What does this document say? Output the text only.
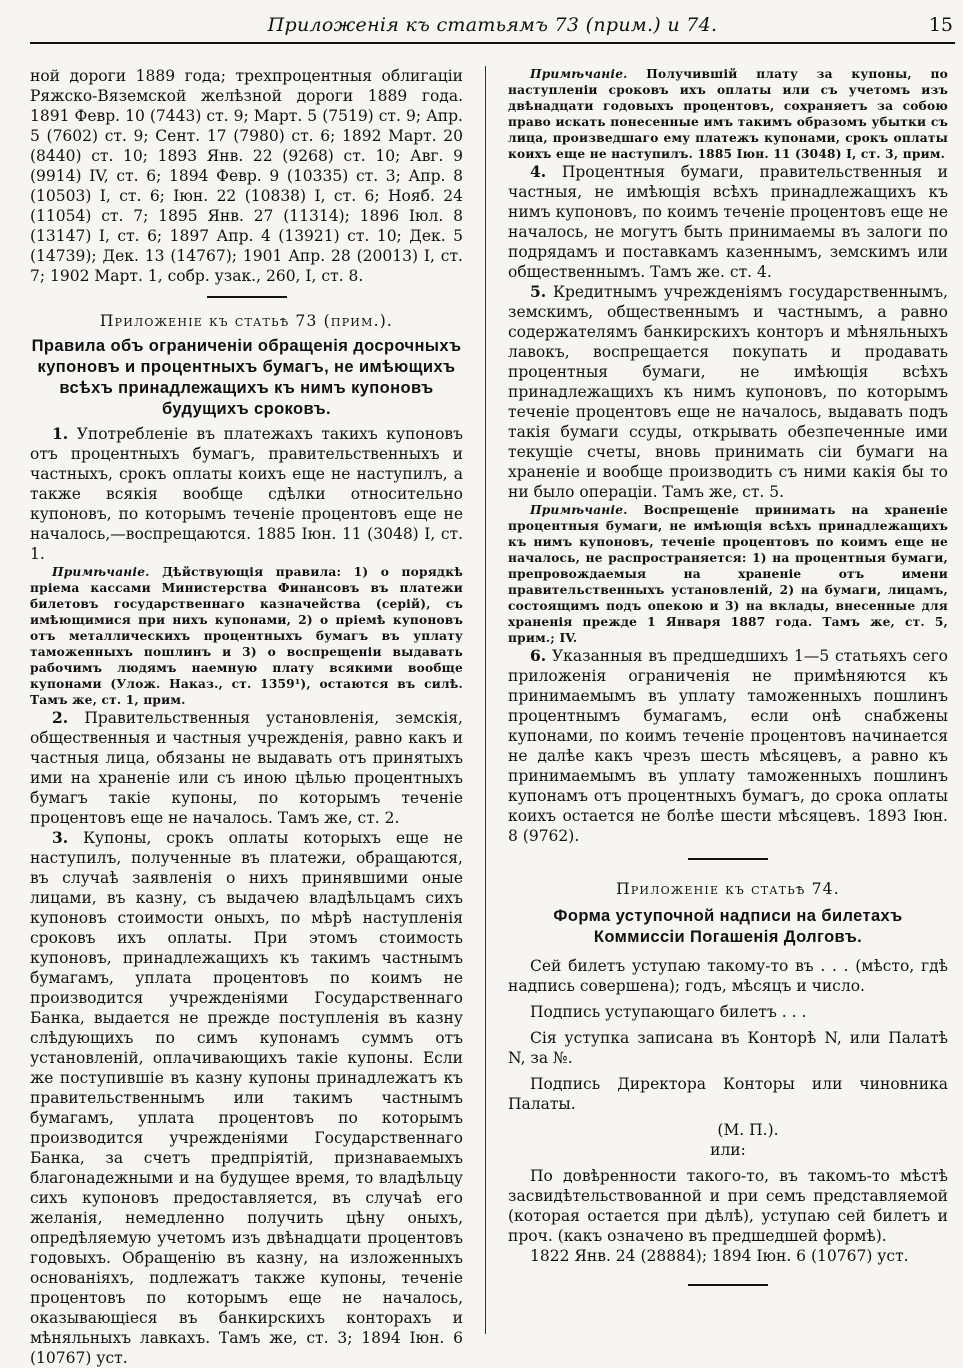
Приложенія къ статьямъ 73 (прим.) и 74.	15

ной дороги 1889 года; трехпроцентныя облигаціи Ряжско-Вяземской желѣзной дороги 1889 года. 1891 Февр. 10 (7443) ст. 9; Март. 5 (7519) ст. 9; Апр. 5 (7602) ст. 9; Сент. 17 (7980) ст. 6; 1892 Март. 20 (8440) ст. 10; 1893 Янв. 22 (9268) ст. 10; Авг. 9 (9914) IV, ст. 6; 1894 Февр. 9 (10335) ст. 3; Апр. 8 (10503) I, ст. 6; Іюн. 22 (10838) I, ст. 6; Нояб. 24 (11054) ст. 7; 1895 Янв. 27 (11314); 1896 Іюл. 8 (13147) I, ст. 6; 1897 Апр. 4 (13921) ст. 10; Дек. 5 (14739); Дек. 13 (14767); 1901 Апр. 28 (20013) I, ст. 7; 1902 Март. 1, собр. узак., 260, I, ст. 8.

Приложеніе къ статьѣ 73 (прим.).

Правила объ ограниченіи обращенія досрочныхъ купоновъ и процентныхъ бумагъ, не имѣющихъ всѣхъ принадлежащихъ къ нимъ купоновъ будущихъ сроковъ.

1. Употребленіе въ платежахъ такихъ купоновъ отъ процентныхъ бумагъ, правительственныхъ и частныхъ, срокъ оплаты коихъ еще не наступилъ, а также всякія вообще сдѣлки относительно купоновъ, по которымъ теченіе процентовъ еще не началось,—воспрещаются. 1885 Іюн. 11 (3048) I, ст. 1.

Примѣчаніе. Дѣйствующія правила: 1) о порядкѣ пріема кассами Министерства Финансовъ въ платежи билетовъ государственнаго казначейства (серій), съ имѣющимися при нихъ купонами, 2) о пріемѣ купоновъ отъ металлическихъ процентныхъ бумагъ въ уплату таможенныхъ пошлинъ и 3) о воспрещеніи выдавать рабочимъ людямъ наемную плату всякими вообще купонами (Улож. Наказ., ст. 1359¹), остаются въ силѣ. Тамъ же, ст. 1, прим.

2. Правительственныя установленія, земскія, общественныя и частныя учрежденія, равно какъ и частныя лица, обязаны не выдавать отъ принятыхъ ими на храненіе или съ иною цѣлью процентныхъ бумагъ такіе купоны, по которымъ теченіе процентовъ еще не началось. Тамъ же, ст. 2.

3. Купоны, срокъ оплаты которыхъ еще не наступилъ, полученные въ платежи, обращаются, въ случаѣ заявленія о нихъ принявшими оные лицами, въ казну, съ выдачею владѣльцамъ сихъ купоновъ стоимости оныхъ, по мѣрѣ наступленія сроковъ ихъ оплаты. При этомъ стоимость купоновъ, принадлежащихъ къ такимъ частнымъ бумагамъ, уплата процентовъ по коимъ не производится учрежденіями Государственнаго Банка, выдается не прежде поступленія въ казну слѣдующихъ по симъ купонамъ суммъ отъ установленій, оплачивающихъ такіе купоны. Если же поступившіе въ казну купоны принадлежатъ къ правительственнымъ или такимъ частнымъ бумагамъ, уплата процентовъ по которымъ производится учрежденіями Государственнаго Банка, за счетъ предпріятій, признаваемыхъ благонадежными и на будущее время, то владѣльцу сихъ купоновъ предоставляется, въ случаѣ его желанія, немедленно получить цѣну оныхъ, опредѣляемую учетомъ изъ двѣнадцати процентовъ годовыхъ. Обращенію въ казну, на изложенныхъ основаніяхъ, подлежатъ также купоны, теченіе процентовъ по которымъ еще не началось, оказывающіеся въ банкирскихъ конторахъ и мѣняльныхъ лавкахъ. Тамъ же, ст. 3; 1894 Іюн. 6 (10767) уст.

Примѣчаніе. Получившій плату за купоны, по наступленіи сроковъ ихъ оплаты или съ учетомъ изъ двѣнадцати годовыхъ процентовъ, сохраняетъ за собою право искать понесенные имъ такимъ образомъ убытки съ лица, произведшаго ему платежъ купонами, срокъ оплаты коихъ еще не наступилъ. 1885 Іюн. 11 (3048) I, ст. 3, прим.

4. Процентныя бумаги, правительственныя и частныя, не имѣющія всѣхъ принадлежащихъ къ нимъ купоновъ, по коимъ теченіе процентовъ еще не началось, не могутъ быть принимаемы въ залоги по подрядамъ и поставкамъ казеннымъ, земскимъ или общественнымъ. Тамъ же. ст. 4.

5. Кредитнымъ учрежденіямъ государственнымъ, земскимъ, общественнымъ и частнымъ, а равно содержателямъ банкирскихъ конторъ и мѣняльныхъ лавокъ, воспрещается покупать и продавать процентныя бумаги, не имѣющія всѣхъ принадлежащихъ къ нимъ купоновъ, по которымъ теченіе процентовъ еще не началось, выдавать подъ такія бумаги ссуды, открывать обезпеченные ими текущіе счеты, вновь принимать сіи бумаги на храненіе и вообще производить съ ними какія бы то ни было операціи. Тамъ же, ст. 5.

Примѣчаніе. Воспрещеніе принимать на храненіе процентныя бумаги, не имѣющія всѣхъ принадлежащихъ къ нимъ купоновъ, теченіе процентовъ по коимъ еще не началось, не распространяется: 1) на процентныя бумаги, препровождаемыя на храненіе отъ имени правительственныхъ установленій, 2) на бумаги, лицамъ, состоящимъ подъ опекою и 3) на вклады, внесенные для храненія прежде 1 Января 1887 года. Тамъ же, ст. 5, прим.; IV.

6. Указанныя въ предшедшихъ 1—5 статьяхъ сего приложенія ограниченія не примѣняются къ принимаемымъ въ уплату таможенныхъ пошлинъ процентнымъ бумагамъ, если онѣ снабжены купонами, по коимъ теченіе процентовъ начинается не далѣе какъ чрезъ шесть мѣсяцевъ, а равно къ принимаемымъ въ уплату таможенныхъ пошлинъ купонамъ отъ процентныхъ бумагъ, до срока оплаты коихъ остается не болѣе шести мѣсяцевъ. 1893 Іюн. 8 (9762).

Приложеніе къ статьѣ 74.

Форма уступочной надписи на билетахъ Коммиссіи Погашенія Долговъ.

Сей билетъ уступаю такому-то въ . . . (мѣсто, гдѣ надпись совершена); годъ, мѣсяцъ и число.

Подпись уступающаго билетъ . . .

Сія уступка записана въ Конторѣ N, или Палатѣ N, за №.

Подпись Директора Конторы или чиновника Палаты.

(М. П.).

или:

По довѣренности такого-то, въ такомъ-то мѣстѣ засвидѣтельствованной и при семъ представляемой (которая остается при дѣлѣ), уступаю сей билетъ и проч. (какъ означено въ предшедшей формѣ).

1822 Янв. 24 (28884); 1894 Іюн. 6 (10767) уст.
